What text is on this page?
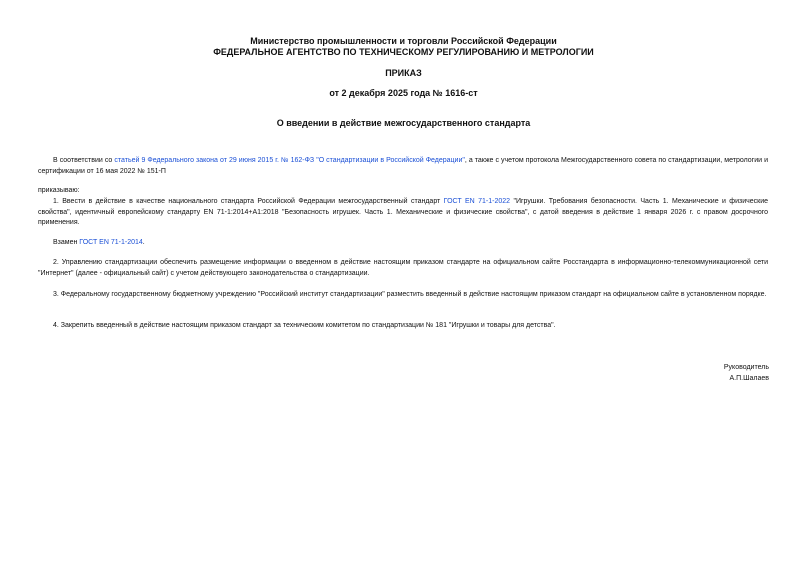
Министерство промышленности и торговли Российской Федерации
ФЕДЕРАЛЬНОЕ АГЕНТСТВО ПО ТЕХНИЧЕСКОМУ РЕГУЛИРОВАНИЮ И МЕТРОЛОГИИ
ПРИКАЗ
от 2 декабря 2025 года № 1616-ст
О введении в действие межгосударственного стандарта
В соответствии со статьей 9 Федерального закона от 29 июня 2015 г. № 162-ФЗ "О стандартизации в Российской Федерации", а также с учетом протокола Межгосударственного совета по стандартизации, метрологии и сертификации от 16 мая 2022 № 151-П
приказываю:
1. Ввести в действие в качестве национального стандарта Российской Федерации межгосударственный стандарт ГОСТ EN 71-1-2022 "Игрушки. Требования безопасности. Часть 1. Механические и физические свойства", идентичный европейскому стандарту EN 71-1:2014+A1:2018 "Безопасность игрушек. Часть 1. Механические и физические свойства", с датой введения в действие 1 января 2026 г. с правом досрочного применения.
Взамен ГОСТ EN 71-1-2014.
2. Управлению стандартизации обеспечить размещение информации о введенном в действие настоящим приказом стандарте на официальном сайте Росстандарта в информационно-телекоммуникационной сети "Интернет" (далее - официальный сайт) с учетом действующего законодательства о стандартизации.
3. Федеральному государственному бюджетному учреждению "Российский институт стандартизации" разместить введенный в действие настоящим приказом стандарт на официальном сайте в установленном порядке.
4. Закрепить введенный в действие настоящим приказом стандарт за техническим комитетом по стандартизации № 181 "Игрушки и товары для детства".
Руководитель
А.П.Шалаев
